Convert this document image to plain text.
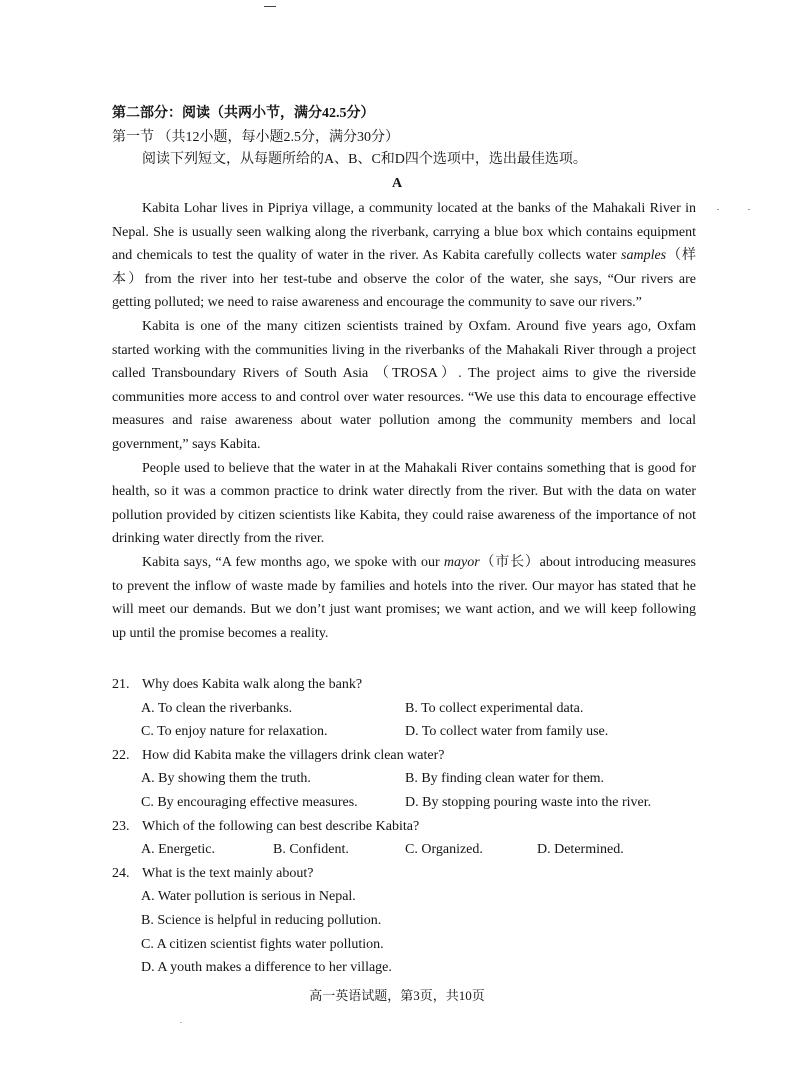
第二部分：阅读（共两小节，满分42.5分）
第一节 （共12小题，每小题2.5分，满分30分）
阅读下列短文，从每题所给的A、B、C和D四个选项中，选出最佳选项。
A

Kabita Lohar lives in Pipriya village, a community located at the banks of the Mahakali River in Nepal. She is usually seen walking along the riverbank, carrying a blue box which contains equipment and chemicals to test the quality of water in the river. As Kabita carefully collects water samples（样本）from the river into her test-tube and observe the color of the water, she says, “Our rivers are getting polluted; we need to raise awareness and encourage the community to save our rivers.”

Kabita is one of the many citizen scientists trained by Oxfam. Around five years ago, Oxfam started working with the communities living in the riverbanks of the Mahakali River through a project called Transboundary Rivers of South Asia （TROSA）. The project aims to give the riverside communities more access to and control over water resources. “We use this data to encourage effective measures and raise awareness about water pollution among the community members and local government,” says Kabita.

People used to believe that the water in at the Mahakali River contains something that is good for health, so it was a common practice to drink water directly from the river. But with the data on water pollution provided by citizen scientists like Kabita, they could raise awareness of the importance of not drinking water directly from the river.

Kabita says, “A few months ago, we spoke with our mayor（市长）about introducing measures to prevent the inflow of waste made by families and hotels into the river. Our mayor has stated that he will meet our demands. But we don’t just want promises; we want action, and we will keep following up until the promise becomes a reality.

21. Why does Kabita walk along the bank?
A. To clean the riverbanks.	B. To collect experimental data.
C. To enjoy nature for relaxation.	D. To collect water from family use.
22. How did Kabita make the villagers drink clean water?
A. By showing them the truth.	B. By finding clean water for them.
C. By encouraging effective measures.	D. By stopping pouring waste into the river.
23. Which of the following can best describe Kabita?
A. Energetic.	B. Confident.	C. Organized.	D. Determined.
24. What is the text mainly about?
A. Water pollution is serious in Nepal.
B. Science is helpful in reducing pollution.
C. A citizen scientist fights water pollution.
D. A youth makes a difference to her village.
高一英语试题，第3页，共10页
